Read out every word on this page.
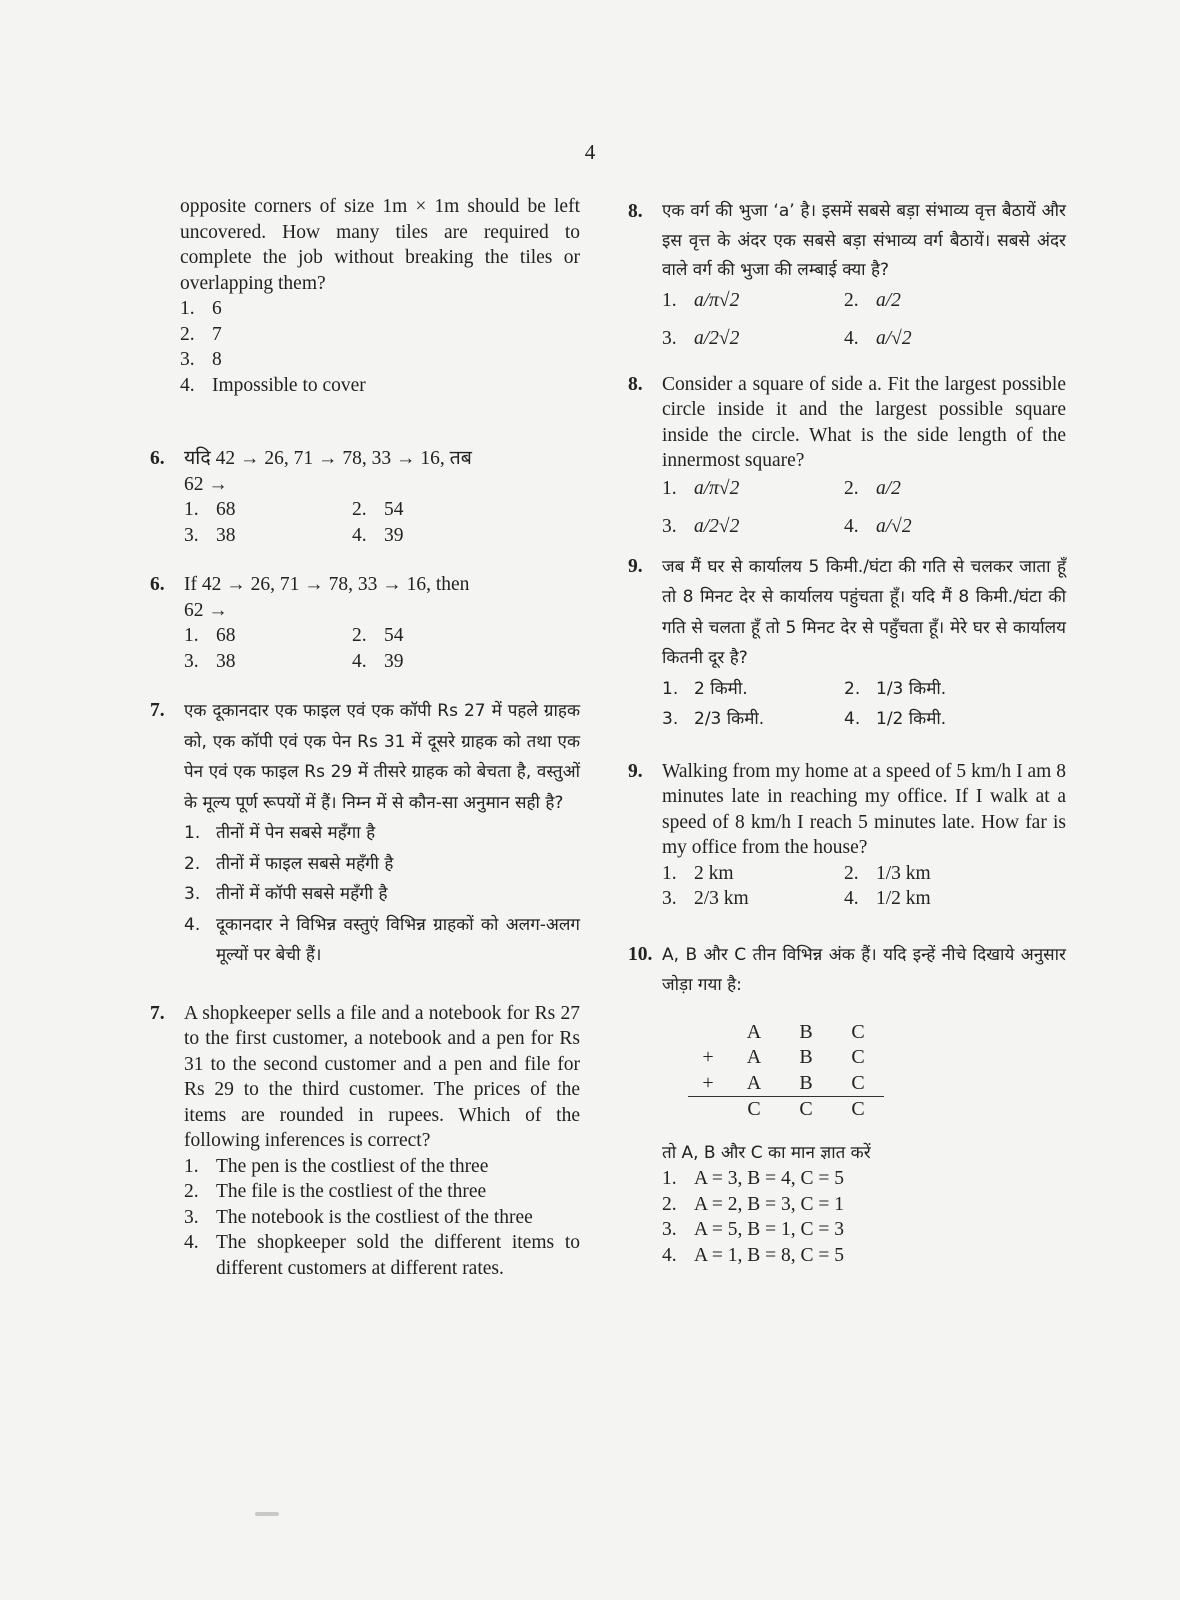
4
opposite corners of size 1m × 1m should be left uncovered. How many tiles are required to complete the job without breaking the tiles or overlapping them?
1. 6
2. 7
3. 8
4. Impossible to cover
6. यदि 42 → 26, 71 → 78, 33 → 16, तब
62 →
1. 68	2. 54
3. 38	4. 39
6. If 42 → 26, 71 → 78, 33 → 16, then
62 →
1. 68	2. 54
3. 38	4. 39
7.	एक दूकानदार एक फाइल एवं एक कॉपी Rs 27 में पहले ग्राहक को, एक कॉपी एवं एक पेन Rs 31 में दूसरे ग्राहक को तथा एक पेन एवं एक फाइल Rs 29 में तीसरे ग्राहक को बेचता है, वस्तुओं के मूल्य पूर्ण रूपयों में हैं। निम्न में से कौन-सा अनुमान सही है?
1. तीनों में पेन सबसे महँगा है
2. तीनों में फाइल सबसे महँगी है
3. तीनों में कॉपी सबसे महँगी है
4. दूकानदार ने विभिन्न वस्तुएं विभिन्न ग्राहकों को अलग-अलग मूल्यों पर बेची हैं।
7. A shopkeeper sells a file and a notebook for Rs 27 to the first customer, a notebook and a pen for Rs 31 to the second customer and a pen and file for Rs 29 to the third customer. The prices of the items are rounded in rupees. Which of the following inferences is correct?
1. The pen is the costliest of the three
2. The file is the costliest of the three
3. The notebook is the costliest of the three
4. The shopkeeper sold the different items to different customers at different rates.
8.	एक वर्ग की भुजा ‘a’ है। इसमें सबसे बड़ा संभाव्य वृत्त बैठायें और इस वृत्त के अंदर एक सबसे बड़ा संभाव्य वर्ग बैठायें। सबसे अंदर वाले वर्ग की भुजा की लम्बाई क्या है?
1. a/π√2	2. a/2
3. a/2√2	4. a/√2
8. Consider a square of side a. Fit the largest possible circle inside it and the largest possible square inside the circle. What is the side length of the innermost square?
1. a/π√2	2. a/2
3. a/2√2	4. a/√2
9.	जब मैं घर से कार्यालय 5 किमी./घंटा की गति से चलकर जाता हूँ तो 8 मिनट देर से कार्यालय पहुंचता हूँ। यदि मैं 8 किमी./घंटा की गति से चलता हूँ तो 5 मिनट देर से पहुँचता हूँ। मेरे घर से कार्यालय कितनी दूर है?
1. 2 किमी.	2. 1/3 किमी.
3. 2/3 किमी.	4. 1/2 किमी.
9. Walking from my home at a speed of 5 km/h I am 8 minutes late in reaching my office. If I walk at a speed of 8 km/h I reach 5 minutes late. How far is my office from the house?
1. 2 km	2. 1/3 km
3. 2/3 km	4. 1/2 km
10. A, B और C तीन विभिन्न अंक हैं। यदि इन्हें नीचे दिखाये अनुसार जोड़ा गया है:
	A	B	C
+	A	B	C
+	A	B	C
	C	C	C
तो A, B और C का मान ज्ञात करें
1. A = 3, B = 4, C = 5
2. A = 2, B = 3, C = 1
3. A = 5, B = 1, C = 3
4. A = 1, B = 8, C = 5
